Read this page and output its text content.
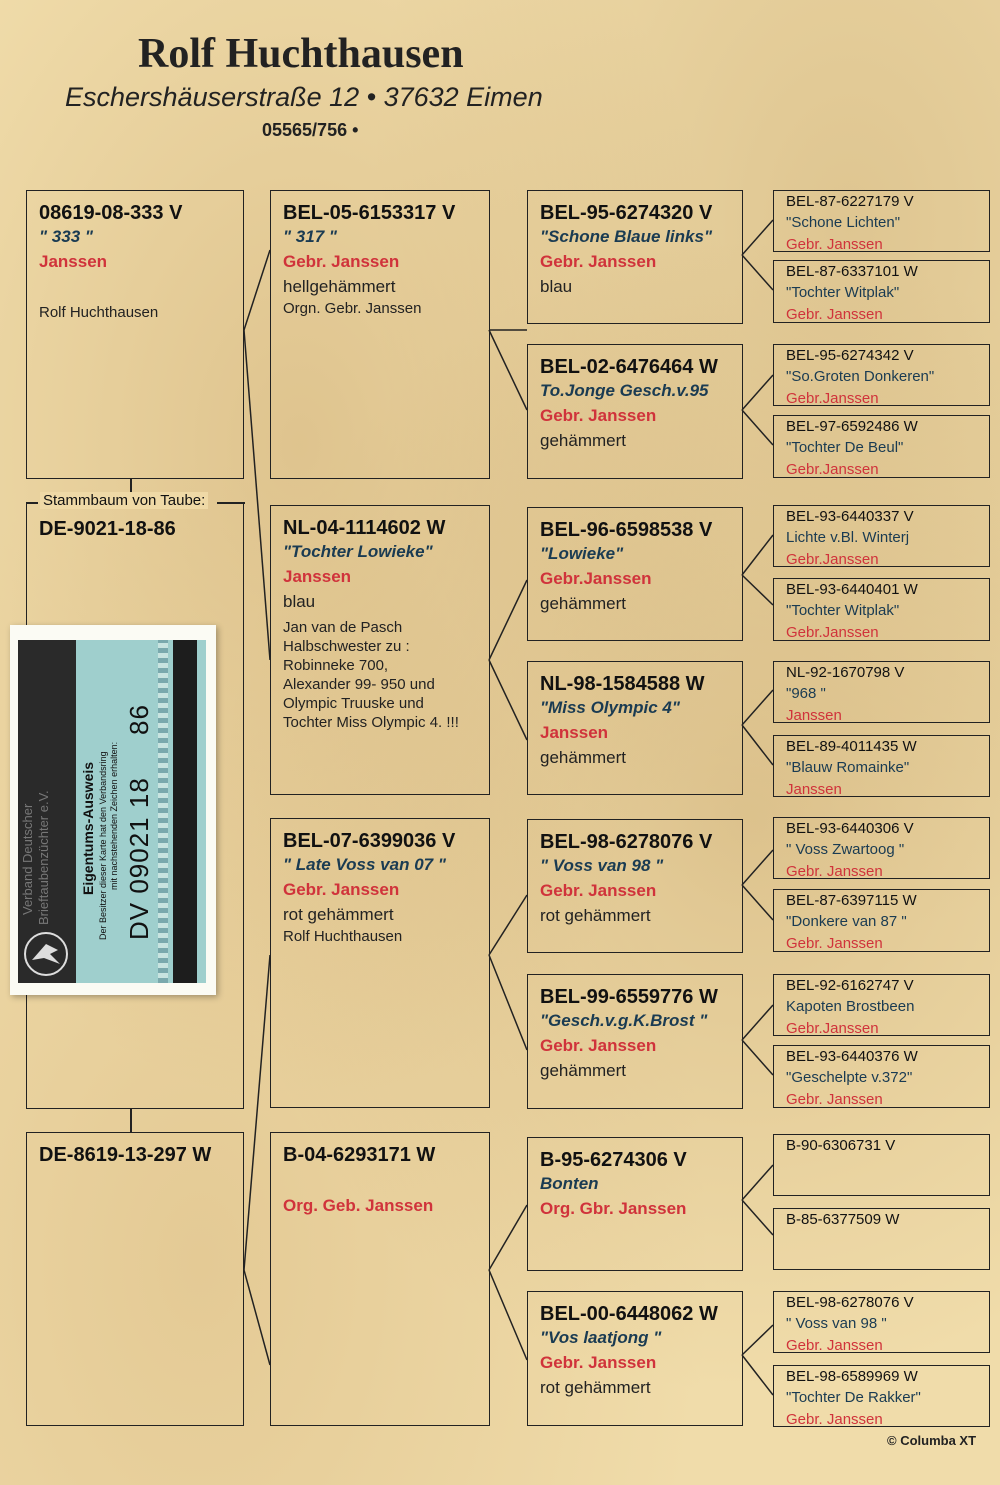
Rolf Huchthausen
Eschershäuserstraße 12 • 37632 Eimen
05565/756 •
08619-08-333 V
" 333 "
Janssen
Rolf Huchthausen
DE-9021-18-86
Stammbaum von Taube:
DE-8619-13-297 W
BEL-05-6153317 V
" 317 "
Gebr. Janssen
hellgehämmert
Orgn. Gebr. Janssen
NL-04-1114602 W
"Tochter Lowieke"
Janssen
blau
Jan van de Pasch
Halbschwester zu :
Robinneke 700,
Alexander 99- 950 und
Olympic Truuske und
Tochter Miss Olympic 4. !!!
BEL-07-6399036 V
" Late Voss van 07 "
Gebr. Janssen
rot gehämmert
Rolf Huchthausen
B-04-6293171 W
Org. Geb. Janssen
BEL-95-6274320 V
"Schone Blaue links"
Gebr. Janssen
blau
BEL-02-6476464 W
To.Jonge Gesch.v.95
Gebr. Janssen
gehämmert
BEL-96-6598538 V
"Lowieke"
Gebr.Janssen
gehämmert
NL-98-1584588 W
"Miss Olympic 4"
Janssen
gehämmert
BEL-98-6278076 V
" Voss van 98 "
Gebr. Janssen
rot gehämmert
BEL-99-6559776 W
"Gesch.v.g.K.Brost "
Gebr. Janssen
gehämmert
B-95-6274306 V
Bonten
Org. Gbr. Janssen
BEL-00-6448062 W
"Vos laatjong "
Gebr. Janssen
rot gehämmert
BEL-87-6227179 V
"Schone Lichten"
Gebr. Janssen
BEL-87-6337101 W
"Tochter Witplak"
Gebr. Janssen
BEL-95-6274342 V
"So.Groten Donkeren"
Gebr.Janssen
BEL-97-6592486 W
"Tochter De Beul"
Gebr.Janssen
BEL-93-6440337 V
Lichte v.Bl. Winterj
Gebr.Janssen
BEL-93-6440401 W
"Tochter Witplak"
Gebr.Janssen
NL-92-1670798 V
"968 "
Janssen
BEL-89-4011435 W
"Blauw Romainke"
Janssen
BEL-93-6440306 V
" Voss Zwartoog "
Gebr. Janssen
BEL-87-6397115 W
"Donkere van 87 "
Gebr. Janssen
BEL-92-6162747 V
Kapoten Brostbeen
Gebr.Janssen
BEL-93-6440376 W
"Geschelpte v.372"
Gebr. Janssen
B-90-6306731 V
B-85-6377509 W
BEL-98-6278076 V
" Voss van 98 "
Gebr. Janssen
BEL-98-6589969 W
"Tochter De Rakker"
Gebr. Janssen
Verband Deutscher Brieftaubenzüchter e.V. Eigentums-Ausweis Der Besitzer dieser Karte hat den Verbandsring mit nachstehenden Zeichen erhalten: DV 09021 18
86
© Columba XT
